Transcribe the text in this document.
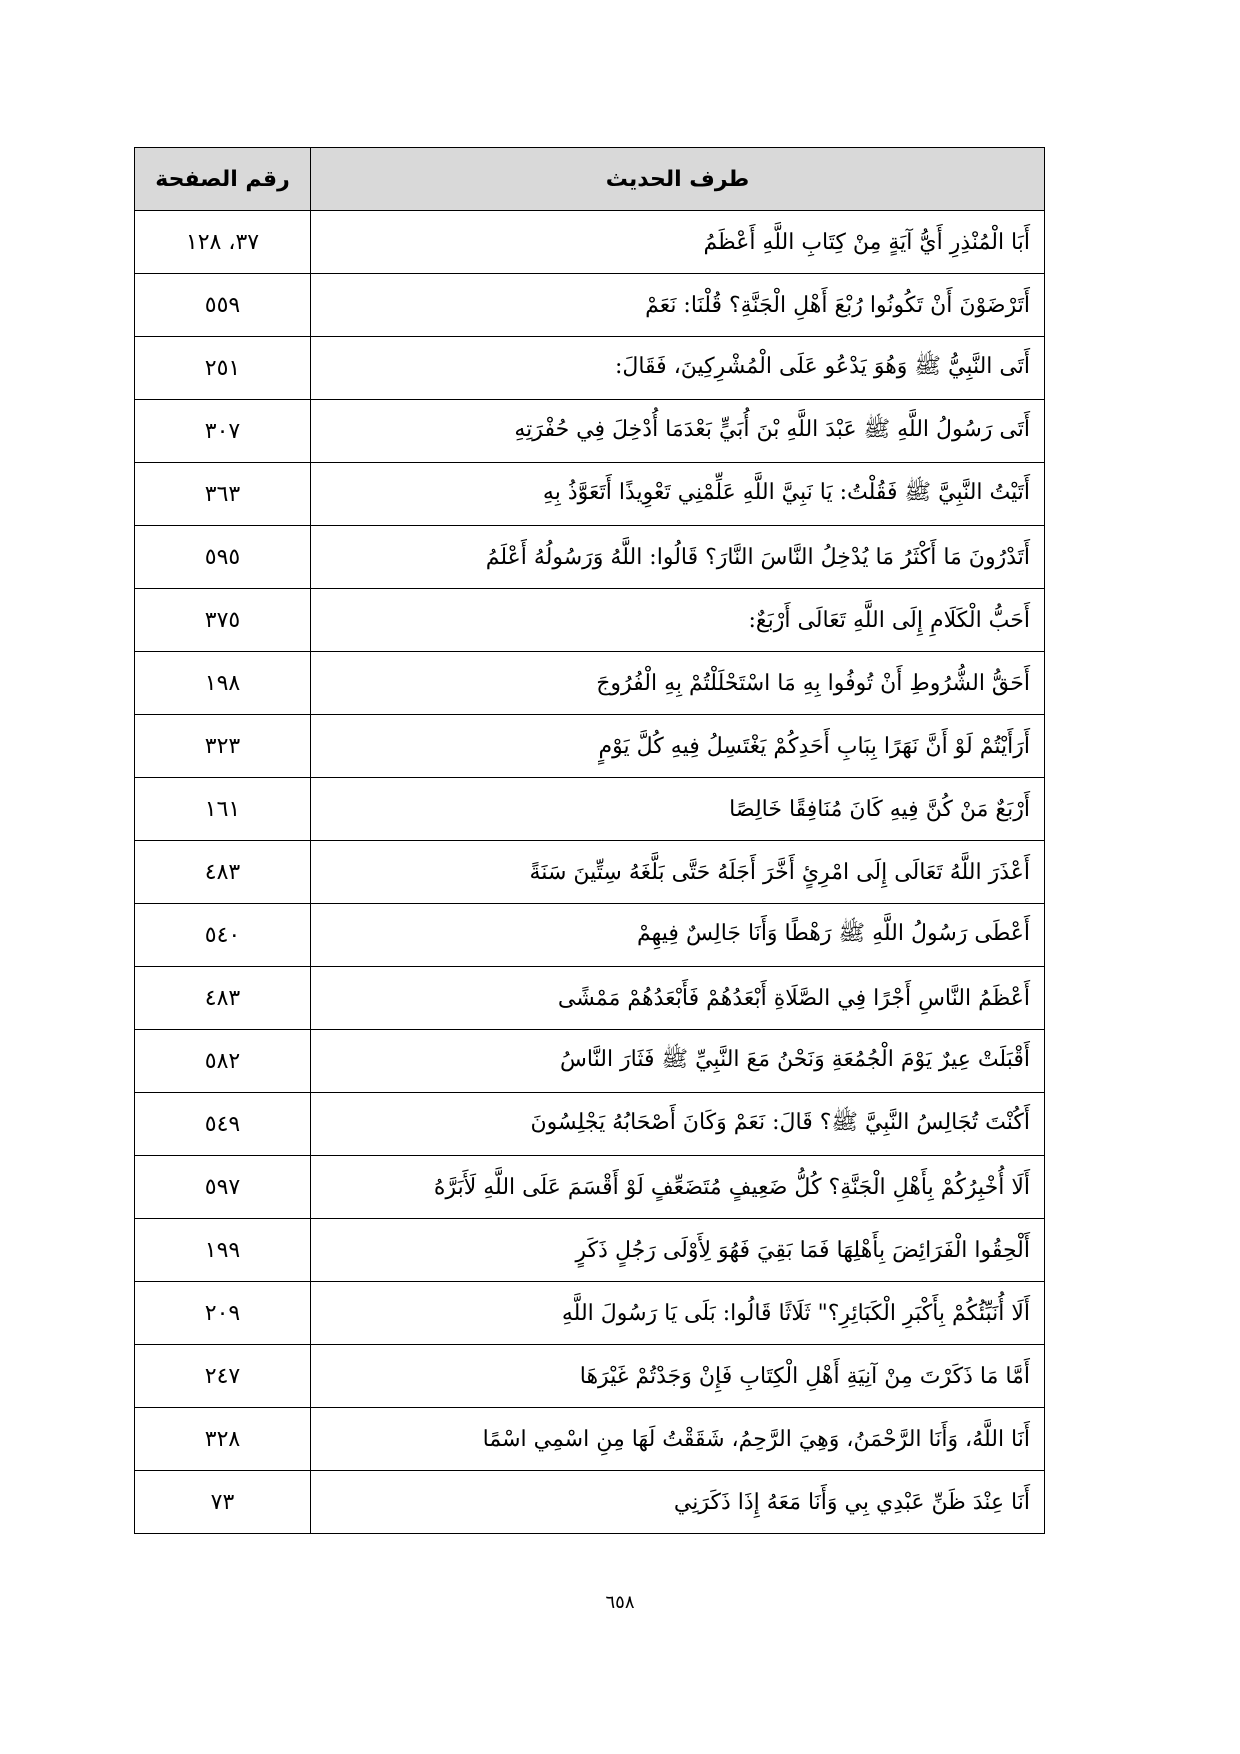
طرف الحديث	رقم الصفحة
أَبَا الْمُنْذِرِ أَيُّ آيَةٍ مِنْ كِتَابِ اللَّهِ أَعْظَمُ	٣٧، ١٢٨
أَتَرْضَوْنَ أَنْ تَكُونُوا رُبْعَ أَهْلِ الْجَنَّةِ؟ قُلْنَا: نَعَمْ	٥٥٩
أَتَى النَّبِيُّ ﷺ وَهُوَ يَدْعُو عَلَى الْمُشْرِكِينَ، فَقَالَ:	٢٥١
أَتَى رَسُولُ اللَّهِ ﷺ عَبْدَ اللَّهِ بْنَ أُبَيٍّ بَعْدَمَا أُدْخِلَ فِي حُفْرَتِهِ	٣٠٧
أَتَيْتُ النَّبِيَّ ﷺ فَقُلْتُ: يَا نَبِيَّ اللَّهِ عَلِّمْنِي تَعْوِيذًا أَتَعَوَّذُ بِهِ	٣٦٣
أَتَدْرُونَ مَا أَكْثَرُ مَا يُدْخِلُ النَّاسَ النَّارَ؟ قَالُوا: اللَّهُ وَرَسُولُهُ أَعْلَمُ	٥٩٥
أَحَبُّ الْكَلَامِ إِلَى اللَّهِ تَعَالَى أَرْبَعٌ:	٣٧٥
أَحَقُّ الشُّرُوطِ أَنْ تُوفُوا بِهِ مَا اسْتَحْلَلْتُمْ بِهِ الْفُرُوجَ	١٩٨
أَرَأَيْتُمْ لَوْ أَنَّ نَهَرًا بِبَابِ أَحَدِكُمْ يَغْتَسِلُ فِيهِ كُلَّ يَوْمٍ	٣٢٣
أَرْبَعٌ مَنْ كُنَّ فِيهِ كَانَ مُنَافِقًا خَالِصًا	١٦١
أَعْذَرَ اللَّهُ تَعَالَى إِلَى امْرِئٍ أَخَّرَ أَجَلَهُ حَتَّى بَلَّغَهُ سِتِّينَ سَنَةً	٤٨٣
أَعْطَى رَسُولُ اللَّهِ ﷺ رَهْطًا وَأَنَا جَالِسٌ فِيهِمْ	٥٤٠
أَعْظَمُ النَّاسِ أَجْرًا فِي الصَّلَاةِ أَبْعَدُهُمْ فَأَبْعَدُهُمْ مَمْشًى	٤٨٣
أَقْبَلَتْ عِيرٌ يَوْمَ الْجُمُعَةِ وَنَحْنُ مَعَ النَّبِيِّ ﷺ فَثَارَ النَّاسُ	٥٨٢
أَكُنْتَ تُجَالِسُ النَّبِيَّ ﷺ؟ قَالَ: نَعَمْ وَكَانَ أَصْحَابُهُ يَجْلِسُونَ	٥٤٩
أَلَا أُخْبِرُكُمْ بِأَهْلِ الْجَنَّةِ؟ كُلُّ ضَعِيفٍ مُتَضَعِّفٍ لَوْ أَقْسَمَ عَلَى اللَّهِ لَأَبَرَّهُ	٥٩٧
أَلْحِقُوا الْفَرَائِضَ بِأَهْلِهَا فَمَا بَقِيَ فَهُوَ لِأَوْلَى رَجُلٍ ذَكَرٍ	١٩٩
أَلَا أُنَبِّئُكُمْ بِأَكْبَرِ الْكَبَائِرِ؟" ثَلَاثًا قَالُوا: بَلَى يَا رَسُولَ اللَّهِ	٢٠٩
أَمَّا مَا ذَكَرْتَ مِنْ آنِيَةِ أَهْلِ الْكِتَابِ فَإِنْ وَجَدْتُمْ غَيْرَهَا	٢٤٧
أَنَا اللَّهُ، وَأَنَا الرَّحْمَنُ، وَهِيَ الرَّحِمُ، شَقَقْتُ لَهَا مِنِ اسْمِي اسْمًا	٣٢٨
أَنَا عِنْدَ ظَنِّ عَبْدِي بِي وَأَنَا مَعَهُ إِذَا ذَكَرَنِي	٧٣
٦٥٨
